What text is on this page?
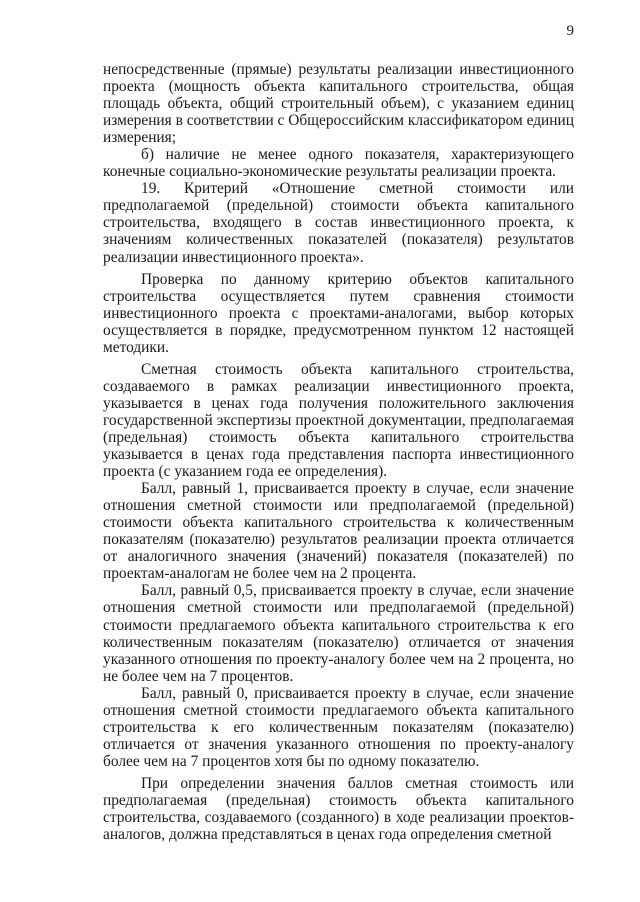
9

непосредственные (прямые) результаты реализации инвестиционного проекта (мощность объекта капитального строительства, общая площадь объекта, общий строительный объем), с указанием единиц измерения в соответствии с Общероссийским классификатором единиц измерения;

б) наличие не менее одного показателя, характеризующего конечные социально-экономические результаты реализации проекта.

19. Критерий «Отношение сметной стоимости или предполагаемой (предельной) стоимости объекта капитального строительства, входящего в состав инвестиционного проекта, к значениям количественных показателей (показателя) результатов реализации инвестиционного проекта».

Проверка по данному критерию объектов капитального строительства осуществляется путем сравнения стоимости инвестиционного проекта с проектами-аналогами, выбор которых осуществляется в порядке, предусмотренном пунктом 12 настоящей методики.

Сметная стоимость объекта капитального строительства, создаваемого в рамках реализации инвестиционного проекта, указывается в ценах года получения положительного заключения государственной экспертизы проектной документации, предполагаемая (предельная) стоимость объекта капитального строительства указывается в ценах года представления паспорта инвестиционного проекта (с указанием года ее определения).

Балл, равный 1, присваивается проекту в случае, если значение отношения сметной стоимости или предполагаемой (предельной) стоимости объекта капитального строительства к количественным показателям (показателю) результатов реализации проекта отличается от аналогичного значения (значений) показателя (показателей) по проектам-аналогам не более чем на 2 процента.

Балл, равный 0,5, присваивается проекту в случае, если значение отношения сметной стоимости или предполагаемой (предельной) стоимости предлагаемого объекта капитального строительства к его количественным показателям (показателю) отличается от значения указанного отношения по проекту-аналогу более чем на 2 процента, но не более чем на 7 процентов.

Балл, равный 0, присваивается проекту в случае, если значение отношения сметной стоимости предлагаемого объекта капитального строительства к его количественным показателям (показателю) отличается от значения указанного отношения по проекту-аналогу более чем на 7 процентов хотя бы по одному показателю.

При определении значения баллов сметная стоимость или предполагаемая (предельная) стоимость объекта капитального строительства, создаваемого (созданного) в ходе реализации проектов-аналогов, должна представляться в ценах года определения сметной
